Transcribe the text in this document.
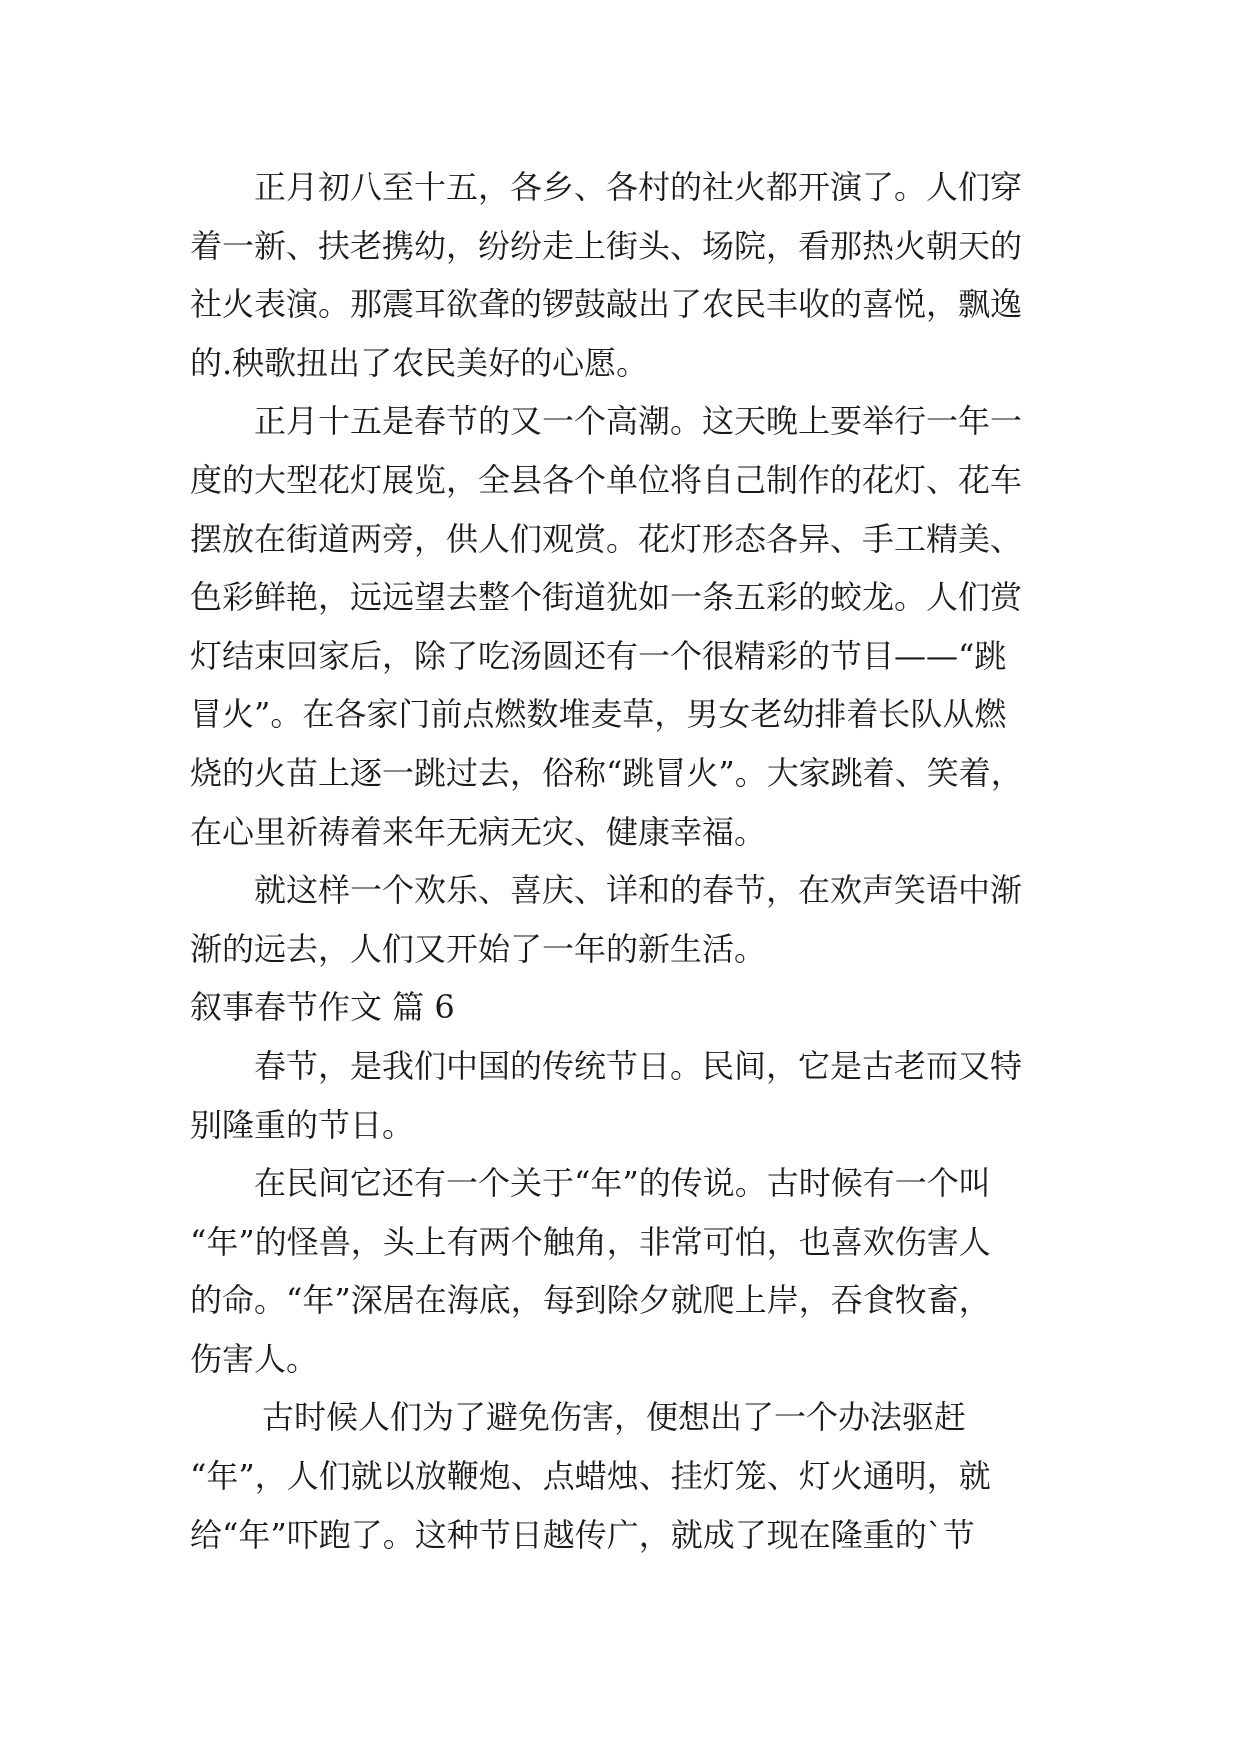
正月初八至十五，各乡、各村的社火都开演了。人们穿
着一新、扶老携幼，纷纷走上街头、场院，看那热火朝天的
社火表演。那震耳欲聋的锣鼓敲出了农民丰收的喜悦，飘逸
的.秧歌扭出了农民美好的心愿。
正月十五是春节的又一个高潮。这天晚上要举行一年一
度的大型花灯展览，全县各个单位将自己制作的花灯、花车
摆放在街道两旁，供人们观赏。花灯形态各异、手工精美、
色彩鲜艳，远远望去整个街道犹如一条五彩的蛟龙。人们赏
灯结束回家后，除了吃汤圆还有一个很精彩的节目——“跳
冒火”。在各家门前点燃数堆麦草，男女老幼排着长队从燃
烧的火苗上逐一跳过去，俗称“跳冒火”。大家跳着、笑着，
在心里祈祷着来年无病无灾、健康幸福。
就这样一个欢乐、喜庆、详和的春节，在欢声笑语中渐
渐的远去，人们又开始了一年的新生活。
叙事春节作文 篇 6
春节，是我们中国的传统节日。民间，它是古老而又特
别隆重的节日。
在民间它还有一个关于“年”的传说。古时候有一个叫
“年”的怪兽，头上有两个触角，非常可怕，也喜欢伤害人
的命。“年”深居在海底，每到除夕就爬上岸，吞食牧畜，
伤害人。
古时候人们为了避免伤害，便想出了一个办法驱赶
“年”，人们就以放鞭炮、点蜡烛、挂灯笼、灯火通明，就
给“年”吓跑了。这种节日越传广，就成了现在隆重的`节
